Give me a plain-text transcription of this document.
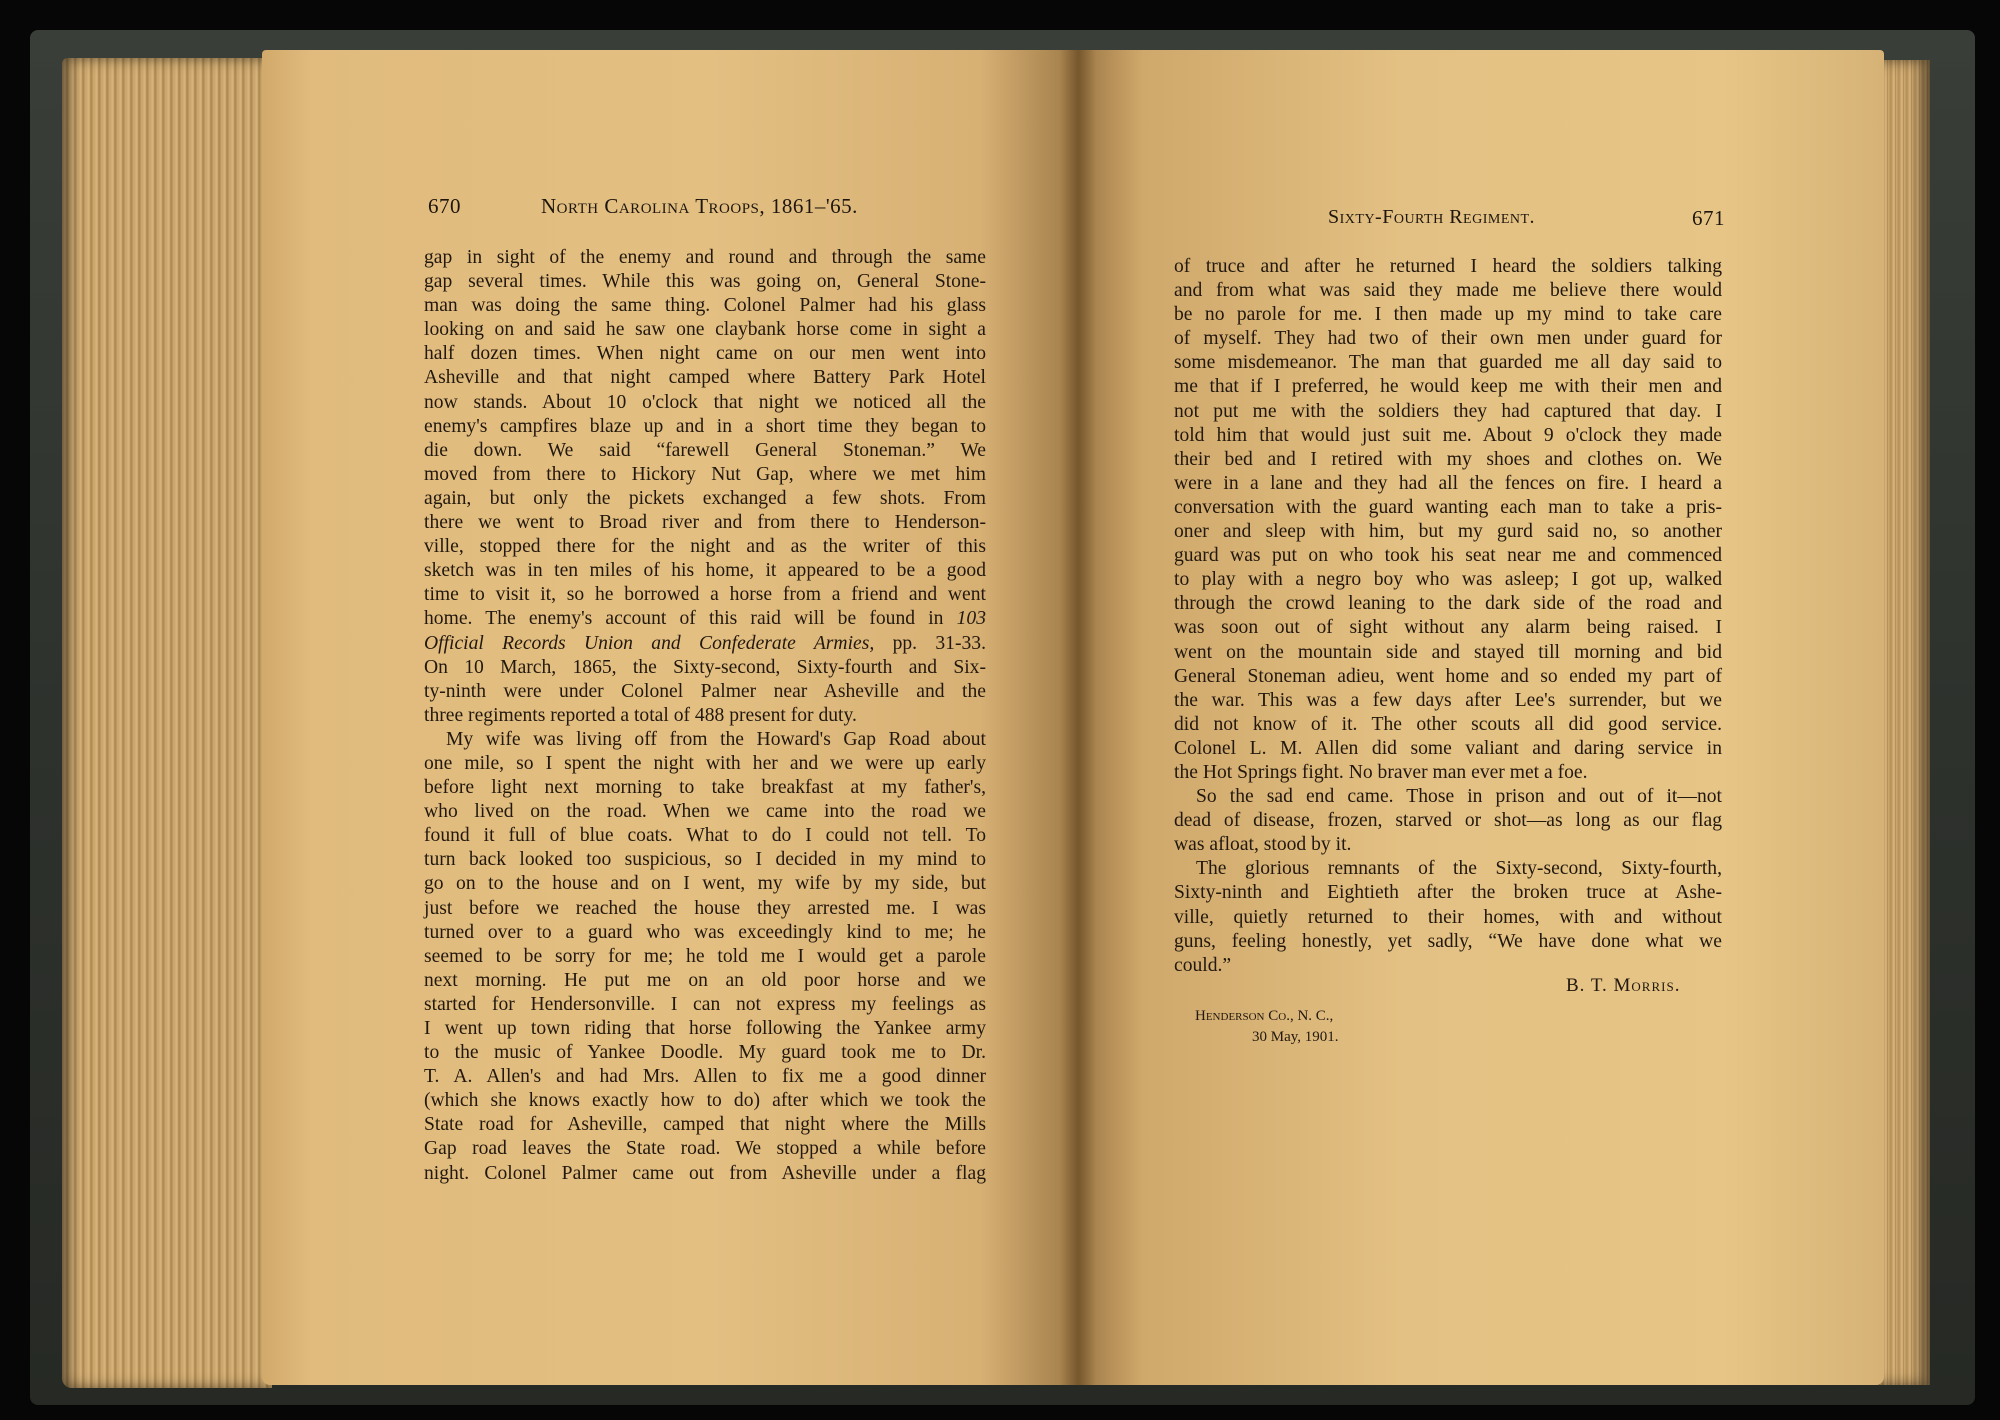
670	North Carolina Troops, 1861–'65.
gap in sight of the enemy and round and through the same
gap several times. While this was going on, General Stone-
man was doing the same thing. Colonel Palmer had his glass
looking on and said he saw one claybank horse come in sight a
half dozen times. When night came on our men went into
Asheville and that night camped where Battery Park Hotel
now stands. About 10 o'clock that night we noticed all the
enemy's campfires blaze up and in a short time they began to
die down. We said “farewell General Stoneman.” We
moved from there to Hickory Nut Gap, where we met him
again, but only the pickets exchanged a few shots. From
there we went to Broad river and from there to Henderson-
ville, stopped there for the night and as the writer of this
sketch was in ten miles of his home, it appeared to be a good
time to visit it, so he borrowed a horse from a friend and went
home. The enemy's account of this raid will be found in 103
Official Records Union and Confederate Armies, pp. 31-33.
On 10 March, 1865, the Sixty-second, Sixty-fourth and Six-
ty-ninth were under Colonel Palmer near Asheville and the
three regiments reported a total of 488 present for duty.
My wife was living off from the Howard's Gap Road about
one mile, so I spent the night with her and we were up early
before light next morning to take breakfast at my father's,
who lived on the road. When we came into the road we
found it full of blue coats. What to do I could not tell. To
turn back looked too suspicious, so I decided in my mind to
go on to the house and on I went, my wife by my side, but
just before we reached the house they arrested me. I was
turned over to a guard who was exceedingly kind to me; he
seemed to be sorry for me; he told me I would get a parole
next morning. He put me on an old poor horse and we
started for Hendersonville. I can not express my feelings as
I went up town riding that horse following the Yankee army
to the music of Yankee Doodle. My guard took me to Dr.
T. A. Allen's and had Mrs. Allen to fix me a good dinner
(which she knows exactly how to do) after which we took the
State road for Asheville, camped that night where the Mills
Gap road leaves the State road. We stopped a while before
night. Colonel Palmer came out from Asheville under a flag
Sixty-Fourth Regiment.	671
of truce and after he returned I heard the soldiers talking
and from what was said they made me believe there would
be no parole for me. I then made up my mind to take care
of myself. They had two of their own men under guard for
some misdemeanor. The man that guarded me all day said to
me that if I preferred, he would keep me with their men and
not put me with the soldiers they had captured that day. I
told him that would just suit me. About 9 o'clock they made
their bed and I retired with my shoes and clothes on. We
were in a lane and they had all the fences on fire. I heard a
conversation with the guard wanting each man to take a pris-
oner and sleep with him, but my gurd said no, so another
guard was put on who took his seat near me and commenced
to play with a negro boy who was asleep; I got up, walked
through the crowd leaning to the dark side of the road and
was soon out of sight without any alarm being raised. I
went on the mountain side and stayed till morning and bid
General Stoneman adieu, went home and so ended my part of
the war. This was a few days after Lee's surrender, but we
did not know of it. The other scouts all did good service.
Colonel L. M. Allen did some valiant and daring service in
the Hot Springs fight. No braver man ever met a foe.
So the sad end came. Those in prison and out of it—not
dead of disease, frozen, starved or shot—as long as our flag
was afloat, stood by it.
The glorious remnants of the Sixty-second, Sixty-fourth,
Sixty-ninth and Eightieth after the broken truce at Ashe-
ville, quietly returned to their homes, with and without
guns, feeling honestly, yet sadly, “We have done what we
could.”
B. T. Morris.
Henderson Co., N. C.,
30 May, 1901.
